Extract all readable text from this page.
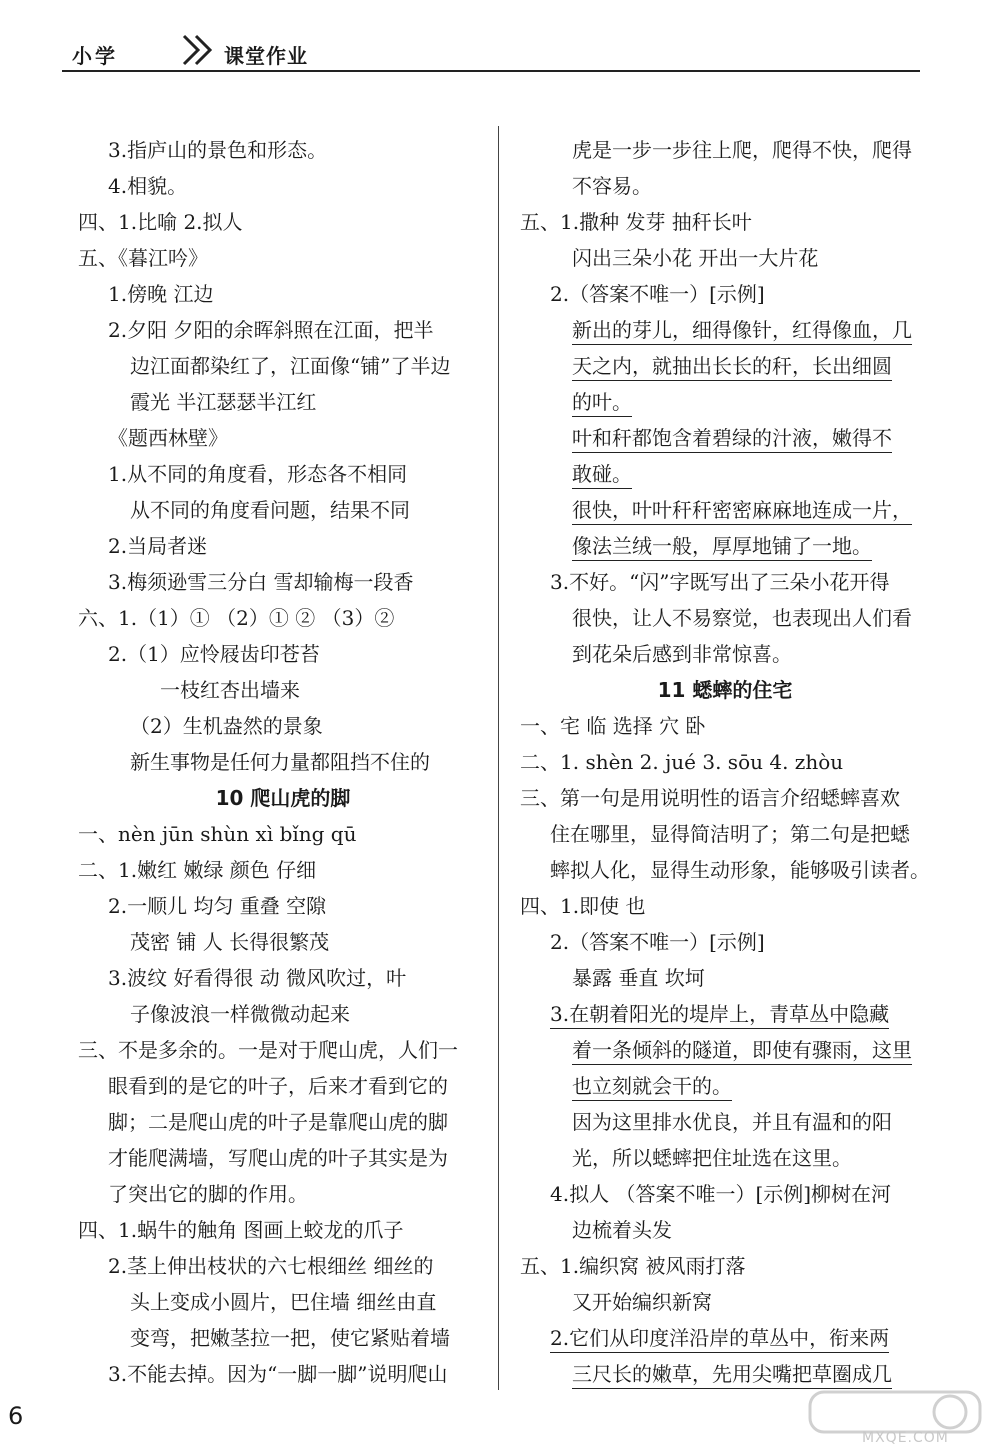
小学	课堂作业
3.指庐山的景色和形态。
4.相貌。
四、1.比喻 2.拟人
五、《暮江吟》
1.傍晚 江边
2.夕阳 夕阳的余晖斜照在江面，把半
边江面都染红了，江面像“铺”了半边
霞光 半江瑟瑟半江红
《题西林壁》
1.从不同的角度看，形态各不相同
从不同的角度看问题，结果不同
2.当局者迷
3.梅须逊雪三分白 雪却输梅一段香
六、1.（1）① （2）① ② （3）②
2.（1）应怜屐齿印苍苔
一枝红杏出墙来
（2）生机盎然的景象
新生事物是任何力量都阻挡不住的
10 爬山虎的脚
一、nèn jūn shùn xì bǐng qū
二、1.嫩红 嫩绿 颜色 仔细
2.一顺儿 均匀 重叠 空隙
茂密 铺 人 长得很繁茂
3.波纹 好看得很 动 微风吹过，叶
子像波浪一样微微动起来
三、不是多余的。一是对于爬山虎，人们一
眼看到的是它的叶子，后来才看到它的
脚；二是爬山虎的叶子是靠爬山虎的脚
才能爬满墙，写爬山虎的叶子其实是为
了突出它的脚的作用。
四、1.蜗牛的触角 图画上蛟龙的爪子
2.茎上伸出枝状的六七根细丝 细丝的
头上变成小圆片，巴住墙 细丝由直
变弯，把嫩茎拉一把，使它紧贴着墙
3.不能去掉。因为“一脚一脚”说明爬山
虎是一步一步往上爬，爬得不快，爬得
不容易。
五、1.撒种 发芽 抽秆长叶
闪出三朵小花 开出一大片花
2.（答案不唯一）[示例]
新出的芽儿，细得像针，红得像血，几
天之内，就抽出长长的秆，长出细圆
的叶。
叶和秆都饱含着碧绿的汁液，嫩得不
敢碰。
很快，叶叶秆秆密密麻麻地连成一片，
像法兰绒一般，厚厚地铺了一地。
3.不好。“闪”字既写出了三朵小花开得
很快，让人不易察觉，也表现出人们看
到花朵后感到非常惊喜。
11 蟋蟀的住宅
一、宅 临 选择 穴 卧
二、1. shèn 2. jué 3. sōu 4. zhòu
三、第一句是用说明性的语言介绍蟋蟀喜欢
住在哪里，显得简洁明了；第二句是把蟋
蟀拟人化，显得生动形象，能够吸引读者。
四、1.即使 也
2.（答案不唯一）[示例]
暴露 垂直 坎坷
3.在朝着阳光的堤岸上，青草丛中隐藏
着一条倾斜的隧道，即使有骤雨，这里
也立刻就会干的。
因为这里排水优良，并且有温和的阳
光，所以蟋蟀把住址选在这里。
4.拟人 （答案不唯一）[示例]柳树在河
边梳着头发
五、1.编织窝 被风雨打落
又开始编织新窝
2.它们从印度洋沿岸的草丛中，衔来两
三尺长的嫩草，先用尖嘴把草圈成几
6
MXQE.COM
